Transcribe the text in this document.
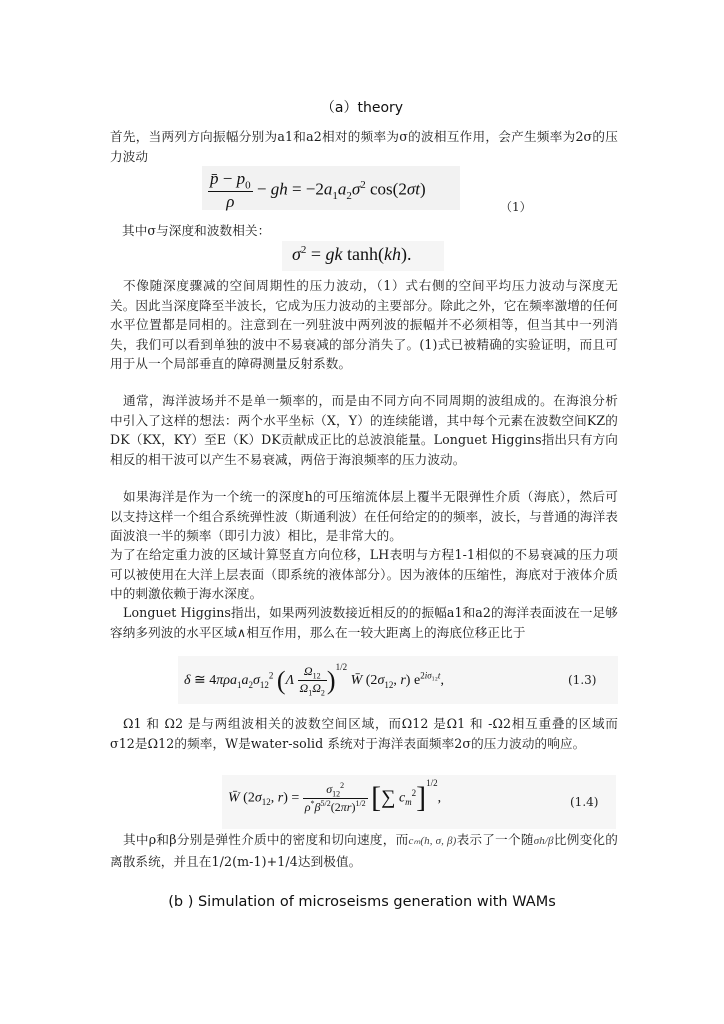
（a）theory

首先，当两列方向振幅分别为a1和a2相对的频率为σ的波相互作用，会产生频率为2σ的压力波动

$\frac{p̄ - p_0}{\rho}$ − gh = $-2a_1a_2\sigma^2$ cos(2σt)
（1）

其中σ与深度和波数相关：

$\sigma^2$ = gk tanh(kh).

不像随深度骤减的空间周期性的压力波动，（1）式右侧的空间平均压力波动与深度无关。因此当深度降至半波长，它成为压力波动的主要部分。除此之外，它在频率激增的任何水平位置都是同相的。注意到在一列驻波中两列波的振幅并不必须相等，但当其中一列消失，我们可以看到单独的波中不易衰减的部分消失了。(1)式已被精确的实验证明，而且可用于从一个局部垂直的障碍测量反射系数。

通常，海洋波场并不是单一频率的，而是由不同方向不同周期的波组成的。在海浪分析中引入了这样的想法：两个水平坐标（X，Y）的连续能谱，其中每个元素在波数空间KZ的DK（KX，KY）至E（K）DK贡献成正比的总波浪能量。Longuet Higgins指出只有方向相反的相干波可以产生不易衰减，两倍于海浪频率的压力波动。

如果海洋是作为一个统一的深度h的可压缩流体层上覆半无限弹性介质（海底），然后可以支持这样一个组合系统弹性波（斯通利波）在任何给定的的频率，波长，与普通的海洋表面波浪一半的频率（即引力波）相比，是非常大的。

为了在给定重力波的区域计算竖直方向位移，LH表明与方程1-1相似的不易衰减的压力项可以被使用在大洋上层表面（即系统的液体部分）。因为液体的压缩性，海底对于液体介质中的刺激依赖于海水深度。

Longuet Higgins指出，如果两列波数接近相反的的振幅a1和a2的海洋表面波在一足够容纳多列波的水平区域∧相互作用，那么在一较大距离上的海底位移正比于

δ ≅ $4\pi\rho a_1a_2\sigma_{12}^2$ $(\Lambda \frac{\Omega_{12}}{\Omega_1\Omega_2} )^{1/2}$ W̄ ($2\sigma_{12}$, r) $e^{2i\sigma_{12}t}$,	(1.3)

Ω1 和 Ω2 是与两组波相关的波数空间区域，而Ω12 是Ω1 和 -Ω2相互重叠的区域而σ12是Ω12的频率，W是water-solid 系统对于海洋表面频率2σ的压力波动的响应。

W̄ ($2\sigma_{12}$, $r) = \frac{\sigma_{12}^2}{\rho^*\beta^{5/2}(2\pi r)^{1/2}}$ [∑ $c_m^2]^{1/2}$,	(1.4)

其中ρ和β分别是弹性介质中的密度和切向速度，而cₘ(h, σ, β)表示了一个随σh/β比例变化的离散系统，并且在1/2(m-1)+1/4达到极值。

(b ) Simulation of microseisms generation with WAMs
